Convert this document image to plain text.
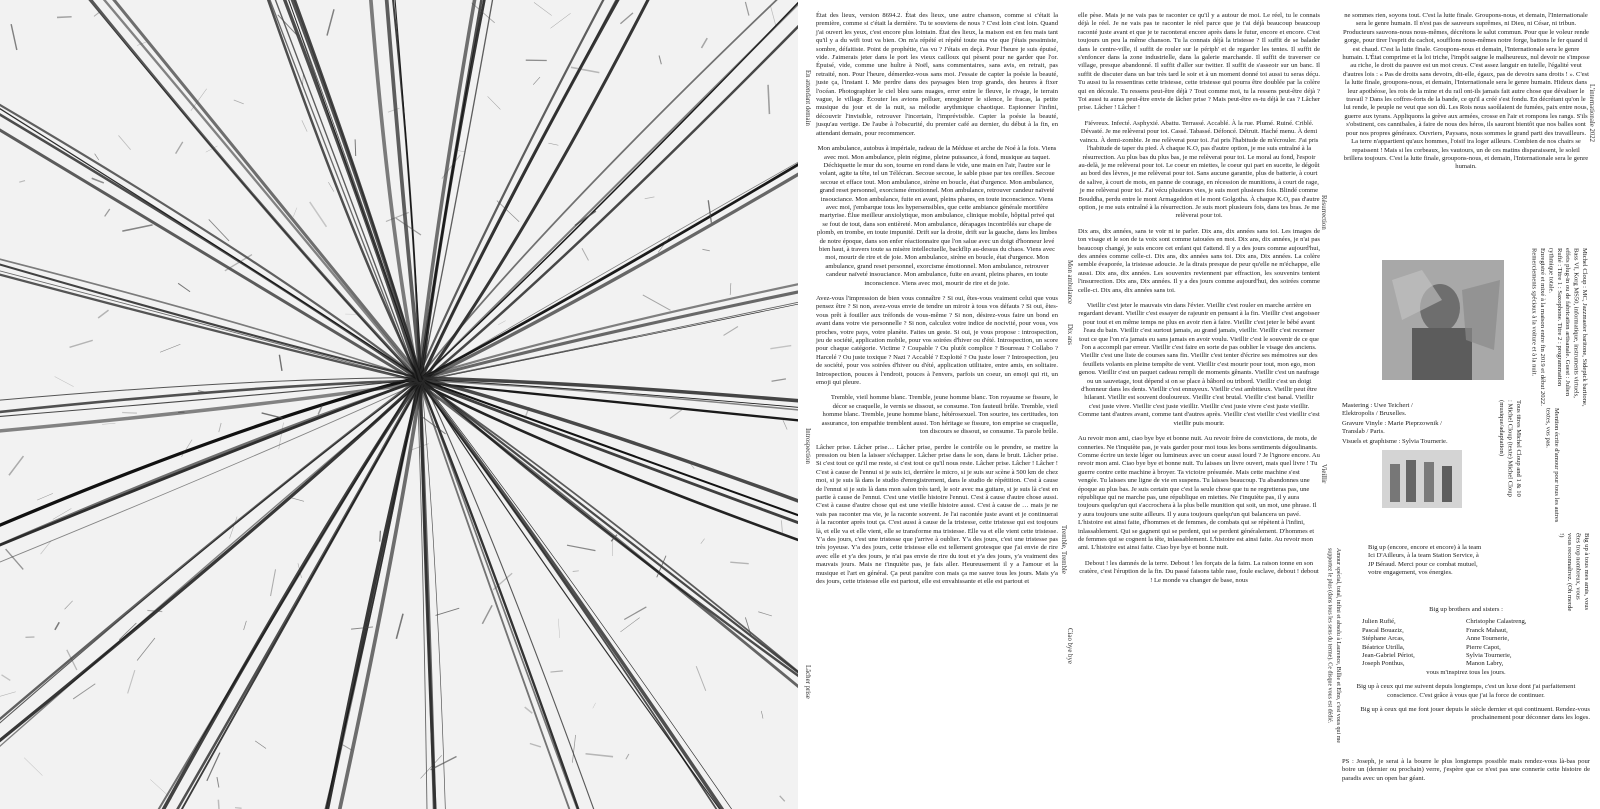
État des lieux, version 8694.2. État des lieux, une autre chanson, comme si c'était la première, comme si c'était la dernière. Tu te souviens de nous ? C'est loin c'est loin. Quand j'ai ouvert les yeux, c'est encore plus lointain. État des lieux, la maison est en feu mais tant qu'il y a du wifi tout va bien. On m'a répété et répété toute ma vie que j'étais pessimiste, sombre, défaitiste. Point de prophétie, t'as vu ? J'étais en deçà. Pour l'heure je suis épuisé, vide. J'aimerais jeter dans le port les vieux cailloux qui pèsent pour ne garder que l'or. Épuisé, vide, comme une huître à Noël, sans commentaires, sans avis, en retrait, pas retraité, non. Pour l'heure, démerdez-vous sans moi. J'essaie de capter la poésie la beauté, juste ça, l'instant I. Me perdre dans des paysages bien trop grands, des heures à fixer l'océan. Photographier le ciel bleu sans nuages, errer entre le fleuve, le rivage, le terrain vague, le village. Écouter les avions polluer, enregistrer le silence, le fracas, la petite musique du jour et de la nuit, sa mélodie arythmique chaotique. Espionner l'infini, découvrir l'invisible, retrouver l'incertain, l'imprévisible. Capter la poésie la beauté, jusqu'au vertige. De l'aube à l'obscurité, du premier café au dernier, du début à la fin, en attendant demain, pour recommencer.

Mon ambulance, autobus à impériale, radeau de la Méduse et arche de Noé à la fois. Viens avec moi. Mon ambulance, plein régime, pleine puissance, à fond, musique au taquet. Déchiquette le mur du son, tourne en rond dans le vide, une main en l'air, l'autre sur le volant, agite ta tête, tel un Télécran. Secoue secoue, le sable pisse par tes oreilles. Secoue secoue et efface tout. Mon ambulance, sirène en boucle, état d'urgence. Mon ambulance, grand reset personnel, exorcisme émotionnel. Mon ambulance, retrouver candeur naïveté insouciance. Mon ambulance, fuite en avant, pleins phares, en toute inconscience. Viens avec moi, j'embarque tous les hypersensibles, que cette ambiance générale mortifère martyrise. Élue meilleur anxiolytique, mon ambulance, clinique mobile, hôpital privé qui se fout de tout, dans son entièreté. Mon ambulance, dérapages incontrôlés sur chape de plomb, en trombe, en toute impunité. Drift sur la droite, drift sur la gauche, dans les limbes de notre époque, dans son enfer réactionnaire que l'on salue avec un doigt d'honneur levé bien haut, à travers toute sa misère intellectuelle, backflip au-dessus du chaos. Viens avec moi, mourir de rire et de joie. Mon ambulance, sirène en boucle, état d'urgence. Mon ambulance, grand reset personnel, exorcisme émotionnel. Mon ambulance, retrouver candeur naïveté insouciance. Mon ambulance, fuite en avant, pleins phares, en toute inconscience. Viens avec moi, mourir de rire et de joie.

Avez-vous l'impression de bien vous connaître ? Si oui, êtes-vous vraiment celui que vous pensez être ? Si non, avez-vous envie de tendre un miroir à tous vos défauts ? Si oui, êtes-vous prêt à fouiller aux tréfonds de vous-même ? Si non, désirez-vous faire un bond en avant dans votre vie personnelle ? Si non, calculez votre indice de nocivité, pour vous, vos proches, votre pays, votre planète. Faites un geste. Si oui, je vous propose : introspection, jeu de société, application mobile, pour vos soirées d'hiver ou d'été. Introspection, un score pour chaque catégorie. Victime ? Coupable ? Ou plutôt complice ? Bourreau ? Collabo ? Harcelé ? Ou juste toxique ? Nazi ? Accablé ? Exploité ? Ou juste loser ? Introspection, jeu de société, pour vos soirées d'hiver ou d'été, application utilitaire, entre amis, en solitaire. Introspection, pouces à l'endroit, pouces à l'envers, parfois un coeur, un emoji qui rit, un emoji qui pleure.

Tremble, vieil homme blanc. Tremble, jeune homme blanc. Ton royaume se fissure, le décor se craquelle, le vernis se dissout, se consume. Ton fauteuil brûle. Tremble, vieil homme blanc. Tremble, jeune homme blanc, hétérosexuel. Ton sourire, tes certitudes, ton assurance, ton empathie tremblent aussi. Ton héritage se fissure, ton emprise se craquelle, ton discours se dissout, se consume. Ta parole brûle.

Lâcher prise. Lâcher prise… Lâcher prise, perdre le contrôle ou le prendre, se mettre la pression ou bien la laisser s'échapper. Lâcher prise dans le son, dans le bruit. Lâcher prise. Si c'est tout ce qu'il me reste, si c'est tout ce qu'il nous reste. Lâcher prise. Lâcher ! Lâcher ! C'est à cause de l'ennui si je suis ici, derrière le micro, si je suis sur scène à 500 km de chez moi, si je suis là dans le studio d'enregistrement, dans le studio de répétition. C'est à cause de l'ennui si je suis là dans mon salon très tard, le soir avec ma guitare, si je suis là c'est en partie à cause de l'ennui. C'est une vieille histoire l'ennui. C'est à cause d'autre chose aussi. C'est à cause d'autre chose qui est une vieille histoire aussi. C'est à cause de … mais je ne vais pas raconter ma vie, je la raconte souvent. Je l'ai racontée juste avant et je continuerai à la raconter après tout ça. C'est aussi à cause de la tristesse, cette tristesse qui est toujours là, et elle va et elle vient, elle se transforme ma tristesse. Elle va et elle vient cette tristesse. Y'a des jours, c'est une tristesse que j'arrive à oublier. Y'a des jours, c'est une tristesse pas très joyeuse. Y'a des jours, cette tristesse elle est tellement grotesque que j'ai envie de rire avec elle et y'a des jours, je n'ai pas envie de rire du tout et y'a des jours, y'a vraiment des mauvais jours. Mais ne t'inquiète pas, je fais aller. Heureusement il y a l'amour et la musique et l'art en général. Ça peut paraître con mais ça me sauve tous les jours. Mais y'a des jours, cette tristesse elle est partout, elle est envahissante et elle est partout et

elle pèse. Mais je ne vais pas te raconter ce qu'il y a autour de moi. Le réel, tu le connais déjà le réel. Je ne vais pas te raconter le réel parce que je t'ai déjà beaucoup beaucoup raconté juste avant et que je te raconterai encore après dans le futur, encore et encore. C'est toujours un peu la même chanson. Tu la connais déjà la tristesse ? Il suffit de se balader dans le centre-ville, il suffit de rouler sur le périph' et de regarder les tentes. Il suffit de s'enfoncer dans la zone industrielle, dans la galerie marchande. Il suffit de traverser ce village, presque abandonné. Il suffit d'aller sur twitter. Il suffit de s'asseoir sur un banc. Il suffit de discuter dans un bar très tard le soir et à un moment donné toi aussi tu seras déçu. Tu aussi tu la ressentiras cette tristesse, cette tristesse qui pourra être doublée par la colère qui en découle. Tu ressens peut-être déjà ? Tout comme moi, tu la ressens peut-être déjà ? Toi aussi tu auras peut-être envie de lâcher prise ? Mais peut-être es-tu déjà le cas ? Lâcher prise. Lâcher ! Lâcher !

Fiévreux. Infecté. Asphyxié. Abattu. Terrassé. Accablé. À la rue. Plumé. Ruiné. Criblé. Dévasté. Je me relèverai pour toi. Cassé. Tabassé. Défoncé. Détruit. Haché menu. À demi vaincu. À demi-zombie. Je me relèverai pour toi. J'ai pris l'habitude de m'écrouler. J'ai pris l'habitude de taper du pied. À chaque K.O, pas d'autre option, je me suis entraîné à la résurrection. Au plus bas du plus bas, je me relèverai pour toi. Le moral au fond, l'espoir au-delà, je me relèverai pour toi. Le coeur en miettes, le coeur qui part en sucette, le dégoût au bord des lèvres, je me relèverai pour toi. Sans aucune garantie, plus de batterie, à court de salive, à court de mots, en panne de courage, en récession de munitions, à court de rage, je me relèverai pour toi. J'ai vécu plusieurs vies, je suis mort plusieurs fois. Blindé comme Bouddha, perdu entre le mont Armageddon et le mont Golgotha. À chaque K.O, pas d'autre option, je me suis entraîné à la résurrection. Je suis mort plusieurs fois, dans tes bras. Je me relèverai pour toi.

Dix ans, dix années, sans te voir ni te parler. Dix ans, dix années sans toi. Les images de ton visage et le son de ta voix sont comme tatouées en moi. Dix ans, dix années, je n'ai pas beaucoup changé, je suis encore cet enfant qui t'attend. Il y a des jours comme aujourd'hui, des années comme celle-ci. Dix ans, dix années sans toi. Dix ans, Dix années. La colère semble évaporée, la tristesse adoucie. Je la dirais presque de peur qu'elle ne m'échappe, elle aussi. Dix ans, dix années. Les souvenirs reviennent par effraction, les souvenirs tentent l'insurrection. Dix ans, Dix années. Il y a des jours comme aujourd'hui, des soirées comme celle-ci. Dix ans, dix années sans toi.

Vieillir c'est jeter le mauvais vin dans l'évier. Vieillir c'est rouler en marche arrière en regardant devant. Vieillir c'est essayer de rajeunir en pensant à la fin. Vieillir c'est angoisser pour tout et en même temps ne plus en avoir rien à faire. Vieillir c'est jeter le bébé avant l'eau du bain. Vieillir c'est surtout jamais, au grand jamais, vieillir. Vieillir c'est recenser tout ce que l'on n'a jamais eu sans jamais en avoir voulu. Vieillir c'est le souvenir de ce que l'on a accompli par erreur. Vieillir c'est faire en sorte de pas oublier le visage des anciens. Vieillir c'est une liste de courses sans fin. Vieillir c'est tenter d'écrire ses mémoires sur des feuillets volants en pleine tempête de vent. Vieillir c'est mourir pour tout, mon ego, mon genou. Vieillir c'est un paquet cadeau rempli de moments gênants. Vieillir c'est un naufrage ou un sauvetage, tout dépend si on se place à bâbord ou tribord. Vieillir c'est un doigt d'honneur dans les dents. Vieillir c'est ennuyeux. Vieillir c'est ambitieux. Vieillir peut être hilarant. Vieillir est souvent douloureux. Vieillir c'est brutal. Vieillir c'est banal. Vieillir c'est juste vivre. Vieillir c'est juste vieillir. Vieillir c'est juste vivre c'est juste vieillir. Comme tant d'autres avant, comme tant d'autres après. Vieillir c'est vieillir c'est vieillir c'est vieillir puis mourir.

Au revoir mon ami, ciao bye bye et bonne nuit. Au revoir frère de convictions, de mots, de conneries. Ne t'inquiète pas, je vais garder pour moi tous les bons sentiments dégoulinants. Comme écrire un texte léger ou lumineux avec un coeur aussi lourd ? Je l'ignore encore. Au revoir mon ami. Ciao bye bye et bonne nuit. Tu laisses un livre ouvert, mais quel livre ! Tu guerre contre cette machine à broyer. Ta victoire présumée. Mais cette machine s'est vengée. Tu laisses une ligne de vie en suspens. Tu laisses beaucoup. Tu abandonnes une époque au plus bas. Je suis certain que c'est la seule chose que tu ne regretteras pas, une république qui ne marche pas, une république en miettes. Ne t'inquiète pas, il y aura toujours quelqu'un qui s'accrochera à la plus belle munition qui soit, un mot, une phrase. Il y aura toujours une suite ailleurs. Il y aura toujours quelqu'un qui balancera un pavé. L'histoire est ainsi faite, d'hommes et de femmes, de combats qui se répètent à l'infini, inlassablement. Qui se gagnent qui se perdent, qui se perdent généralement. D'hommes et de femmes qui se cognent la tête, inlassablement. L'histoire est ainsi faite. Au revoir mon ami. L'histoire est ainsi faite. Ciao bye bye et bonne nuit.

Debout ! les damnés de la terre. Debout ! les forçats de la faim. La raison tonne en son cratère, c'est l'éruption de la fin. Du passé faisons table rase, foule esclave, debout ! debout ! Le monde va changer de base, nous

ne sommes rien, soyons tout. C'est la lutte finale. Groupons-nous, et demain, l'Internationale sera le genre humain. Il n'est pas de sauveurs suprêmes, ni Dieu, ni César, ni tribun. Producteurs sauvons-nous nous-mêmes, décrétons le salut commun. Pour que le voleur rende gorge, pour tirer l'esprit du cachot, soufflons nous-mêmes notre forge, battons le fer quand il est chaud. C'est la lutte finale. Groupons-nous et demain, l'Internationale sera le genre humain. L'État comprime et la loi triche, l'impôt saigne le malheureux, nul devoir ne s'impose au riche, le droit du pauvre est un mot creux. C'est assez languir en tutelle, l'égalité veut d'autres lois : « Pas de droits sans devoirs, dit-elle, égaux, pas de devoirs sans droits ! ». C'est la lutte finale, groupons-nous, et demain, l'Internationale sera le genre humain. Hideux dans leur apothéose, les rois de la mine et du rail ont-ils jamais fait autre chose que dévaliser le travail ? Dans les coffres-forts de la bande, ce qu'il a créé s'est fondu. En décrétant qu'on le lui rende, le peuple ne veut que son dû. Les Rois nous saoûlaient de fumées, paix entre nous, guerre aux tyrans. Appliquons la grève aux armées, crosse en l'air et rompons les rangs. S'ils s'obstinent, ces cannibales, à faire de nous des héros, ils sauront bientôt que nos balles sont pour nos propres généraux. Ouvriers, Paysans, nous sommes le grand parti des travailleurs. La terre n'appartient qu'aux hommes, l'oisif ira loger ailleurs. Combien de nos chairs se repaissent ! Mais si les corbeaux, les vautours, un de ces matins disparaissent, le soleil brillera toujours. C'est la lutte finale, groupons-nous, et demain, l'Internationale sera le genre humain.

En attendant demain
Mon ambulance
Introspection
Tremble, Tremble
Lâcher prise
Résurrection
Dix ans
Vieillir
Ciao bye bye
L'internationale 2022
Michel Cloup : MC, Jazzmaster baritone, Sidepick baritone, Bass VI, Korg MS50, informatique, instruments virtuels, effets plug-in ou de fabrication artisanale. Guest : Julien Rufié : Titre 1 : Saxophone. Titre 2 : programmation rythmique totale.
Enregistré et mixé à la maison entre fin 2019 et début 2022. Remerciements spéciaux à la voiture et à la nuit.
Mastering : Uwe Teichert / Elektropolis / Bruxelles.
Gravure Vinyle : Marie Pieprzownik / Translab / Paris.
Visuels et graphisme : Sylvia Tournerie.	Tous titres Michel Cloup and 1 & 10 : Michel Cloup (texte) Michel Cloup (musique/adaptation)	Mention écrite d'amour pour tous les autres textes, vos pas.
Big up à tous mes amis, vous êtes trop nombreux, vous vous reconnaîtrez. (Oh merde !)
Big up (encore, encore et encore) à la team Ici D'Ailleurs, à la team Station Service, à JP Béraud. Merci pour ce combat mutuel, votre engagement, vos énergies.

Big up brothers and sisters :

Julien Rufié,	Christophe Calastreng,
Pascal Bouaziz,	Franck Mahaut,
Stéphane Arcas,	Anne Tournerie,
Béatrice Utrilla,	Pierre Capot,
Jean-Gabriel Périot,	Sylvia Tournerie,
Joseph Ponthus,	Manon Labry,

vous m'inspirez tous les jours.

Big up à ceux qui me suivent depuis longtemps, c'est un luxe dont j'ai parfaitement conscience. C'est grâce à vous que j'ai la force de continuer.

Big up à ceux qui me font jouer depuis le siècle dernier et qui continuent. Rendez-vous prochainement pour déconner dans les loges.

Amour spécial, total, infini et absolu à Laurence, Billie et Elno, c'est vous qui me supportez le plus (dans tous les sens du terme). Ce disque vous est dédié.
PS : Joseph, je serai à la bourre le plus longtemps possible mais rendez-vous là-bas pour boire un (dernier ou prochain) verre, j'espère que ce n'est pas une connerie cette histoire de paradis avec un open bar géant.
